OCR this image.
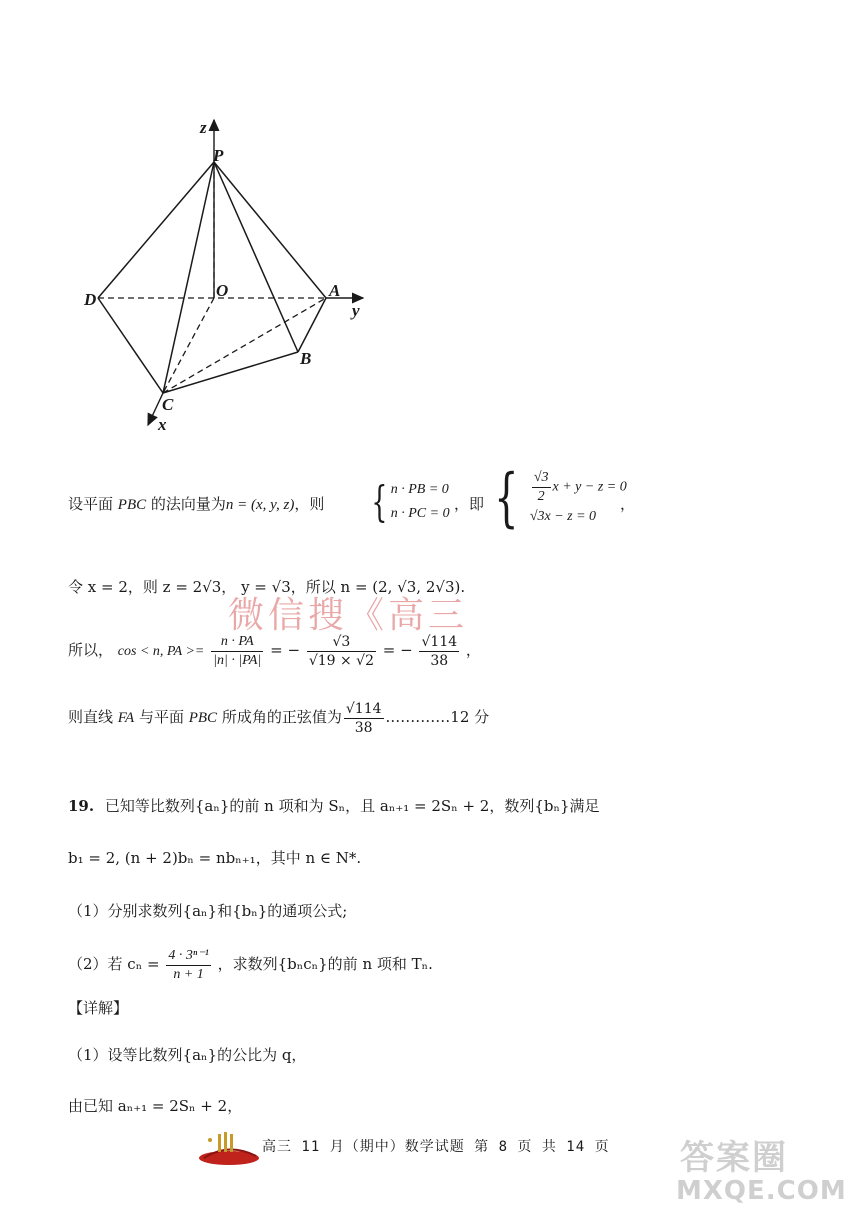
z
P
D	O	A
y
B
C
x
设平面 PBC 的法向量为n = (x, y, z)，则 { n · PB = 0
n · PC = 0
，即 { $\frac{√3}{2}$ x + y − z = 0
√3x − z = 0
，
令 x = 2，则 z = 2√3， y = √3，所以 n = (2, √3, 2√3).
微信搜《高三
所以， cos < n, PA >= $\frac{n \cdot PA}{|n| \cdot |PA|}$ = − $\frac{√3}{√19 \times √2}$ = − $\frac{√114}{38}$ ，
则直线 FA 与平面 PBC 所成角的正弦值为 $\frac{√114}{38}$ .…………12 分
19. 已知等比数列{aₙ}的前 n 项和为 Sₙ，且 aₙ₊₁ = 2Sₙ + 2，数列{bₙ}满足
b₁ = 2, (n + 2)bₙ = nbₙ₊₁，其中 n ∈ N*.
（1）分别求数列{aₙ}和{bₙ}的通项公式;
（2）若 $c_n = \frac{\text{4 · 3ⁿ⁻¹}}{n + 1}$ ，求数列{bₙcₙ}的前 n 项和 Tₙ.
【详解】
（1）设等比数列{aₙ}的公比为 q，
由已知 aₙ₊₁ = 2Sₙ + 2，
高三 11 月（期中）数学试题 第 8 页 共 14 页 答案圈
MXQE.COM
